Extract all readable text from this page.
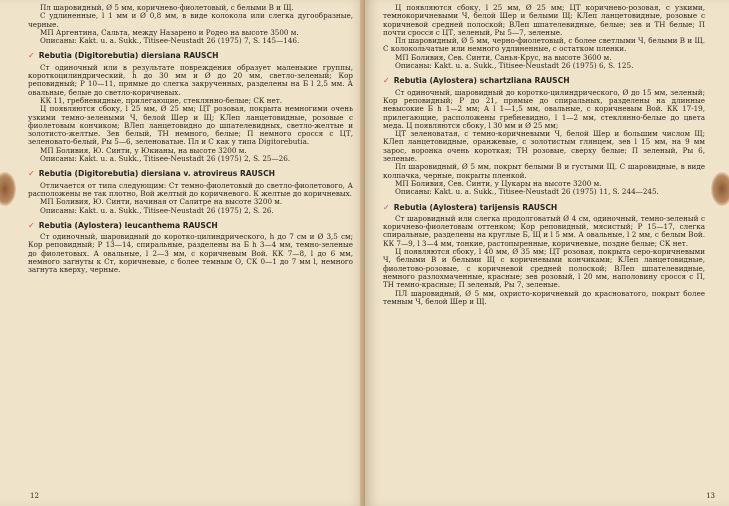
Пл шаровидный, Ø 5 мм, коричнево-фиолетовый, с белыми В и Щ.

С удлиненные, l 1 мм и Ø 0,8 мм, в виде колокола или слегка дугообразные, черные.

МП Аргентина, Сальта, между Назарено и Родео на высоте 3500 м.

Описаны: Kakt. u. a. Sukk., Titisee-Neustadt 26 (1975) 7, S. 145—146.

✓ Rebutia (Digitorebutia) diersiana RAUSCH

Ст одиночный или в результате повреждения образует маленькие группы, короткоцилиндрический, h до 30 мм и Ø до 20 мм, светло-зеленый; Кор реповидный; Р 10—11, прямые до слегка закрученных, разделены на Б l 2,5 мм. А овальные, белые до светло-коричневых.

КК 11, гребневидные, прилегающие, стеклянно-белые; СК нет.

Ц появляются сбоку, l 25 мм, Ø 25 мм; ЦТ розовая, покрыта немногими очень узкими темно-зелеными Ч, белой Шер и Щ; КЛеп ланцетовидные, розовые с фиолетовым кончиком; ВЛеп ланцетовидно до шпателевидных, светло-желтые и золотисто-желтые. Зев белый, ТН немного, белые; П немного сросся с ЦТ, зеленовато-белый, Ры 5—6, зеленоватые. Пл и С как у типа Digitorebutia.

МП Боливия, Ю. Синти, у Юкианы, на высоте 3200 м.

Описаны: Kakt. u. a. Sukk., Titisee-Neustadt 26 (1975) 2, S. 25—26.

✓ Rebutia (Digitorebutia) diersiana v. atrovireus RAUSCH

Отличается от типа следующим: Ст темно-фиолетовый до светло-фиолетового, А расположены не так плотно, Вой желтый до коричневого. К желтые до коричневых.

МП Боливия, Ю. Синти, начиная от Салитре на высоте 3200 м.

Описаны: Kakt. u. a. Sukk., Titisee-Neustadt 26 (1975) 2, S. 26.

✓ Rebutia (Aylostera) leucanthema RAUSCH

Ст одиночный, шаровидный до коротко-цилиндрического, h до 7 см и Ø 3,5 см; Кор реповидный; Р 13—14, спиральные, разделены на Б h 3—4 мм, темно-зеленые до фиолетовых. А овальные, l 2—3 мм, с коричневым Вой. КК 7—8, l до 6 мм, немного загнуты к Ст, коричневые, с более темным О, СК 0—1 до 7 мм l, немного загнута кверху, черные.

12

Ц появляются сбоку, l 25 мм, Ø 25 мм; ЦТ коричнево-розовая, с узкими, темнокоричневыми Ч, белой Шер и белыми Щ; КЛеп ланцетовидные, розовые с коричневой средней полоской; ВЛеп шпателевидные, белые; зев и ТН белые; П почти сросся с ЦТ, зеленый, Ры 5—7, зеленые.

Пл шаровидный, Ø 5 мм, черно-фиолетовый, с более светлыми Ч, белыми В и Щ. С колокольчатые или немного удлиненные, с остатком пленки.

МП Боливия, Сев. Синти, Санья-Крус, на высоте 3600 м.

Описаны: Kakt. u. a. Sukk., Titisee-Neustadt 26 (1975) 6, S. 125.

✓ Rebutia (Aylostera) schartzliana RAUSCH

Ст одиночный, шаровидный до коротко-цилиндрического, Ø до 15 мм, зеленый; Кор реповидный; Р до 21, прямые до спиральных, разделены на длинные невысокие Б h 1—2 мм; А l 1—1,5 мм, овальные, с коричневым Вой. КК 17-19, прилегающие, расположены гребневидно, l 1—2 мм, стеклянно-белые до цвета меда. Ц появляются сбоку, l 30 мм и Ø 25 мм;

ЦТ зеленоватая, с темно-коричневыми Ч, белой Шер и большим числом Щ; КЛеп ланцетовидные, оранжевые, с золотистым глянцем, зев l 15 мм, на 9 мм зарос, воронка очень короткая; ТН розовые, сверху белые; П зеленый, Ры 6, зеленые.

Пл шаровидный, Ø 5 мм, покрыт белыми В и густыми Щ. С шаровидные, в виде колпачка, черные, покрыты пленкой.

МП Боливия, Сев. Синти, у Цукары на высоте 3200 м.

Описаны: Kakt. u. a. Sukk., Titisee-Neustadt 26 (1975) 11, S. 244—245.

✓ Rebutia (Aylostera) tarijensis RAUSCH

Ст шаровидный или слегка продолговатый Ø 4 см, одиночный, темно-зеленый с коричнево-фиолетовым оттенком; Кор реповидный, мясистый; Р 15—17, слегка спиральные, разделены на круглые Б, Щ и l 5 мм. А овальные, l 2 мм, с белым Вой. КК 7—9, l 3—4 мм, тонкие, растопыренные, коричневые, поздне белые; СК нет.

Ц появляются сбоку, l 40 мм, Ø 35 мм; ЦТ розовая, покрыта серо-коричневыми Ч, белыми В и белыми Щ с коричневыми кончиками; КЛеп ланцетовидные, фиолетово-розовые, с коричневой средней полоской; ВЛеп шпателевидные, немного разлохмаченные, красные; зев розовый, l 20 мм, наполовину сросся с П, ТН темно-красные; П зеленый, Ры 7, зеленые.

ПЛ шаровидный, Ø 5 мм, охристо-коричневый до красноватого, покрыт более темным Ч, белой Шер и Щ.

13
